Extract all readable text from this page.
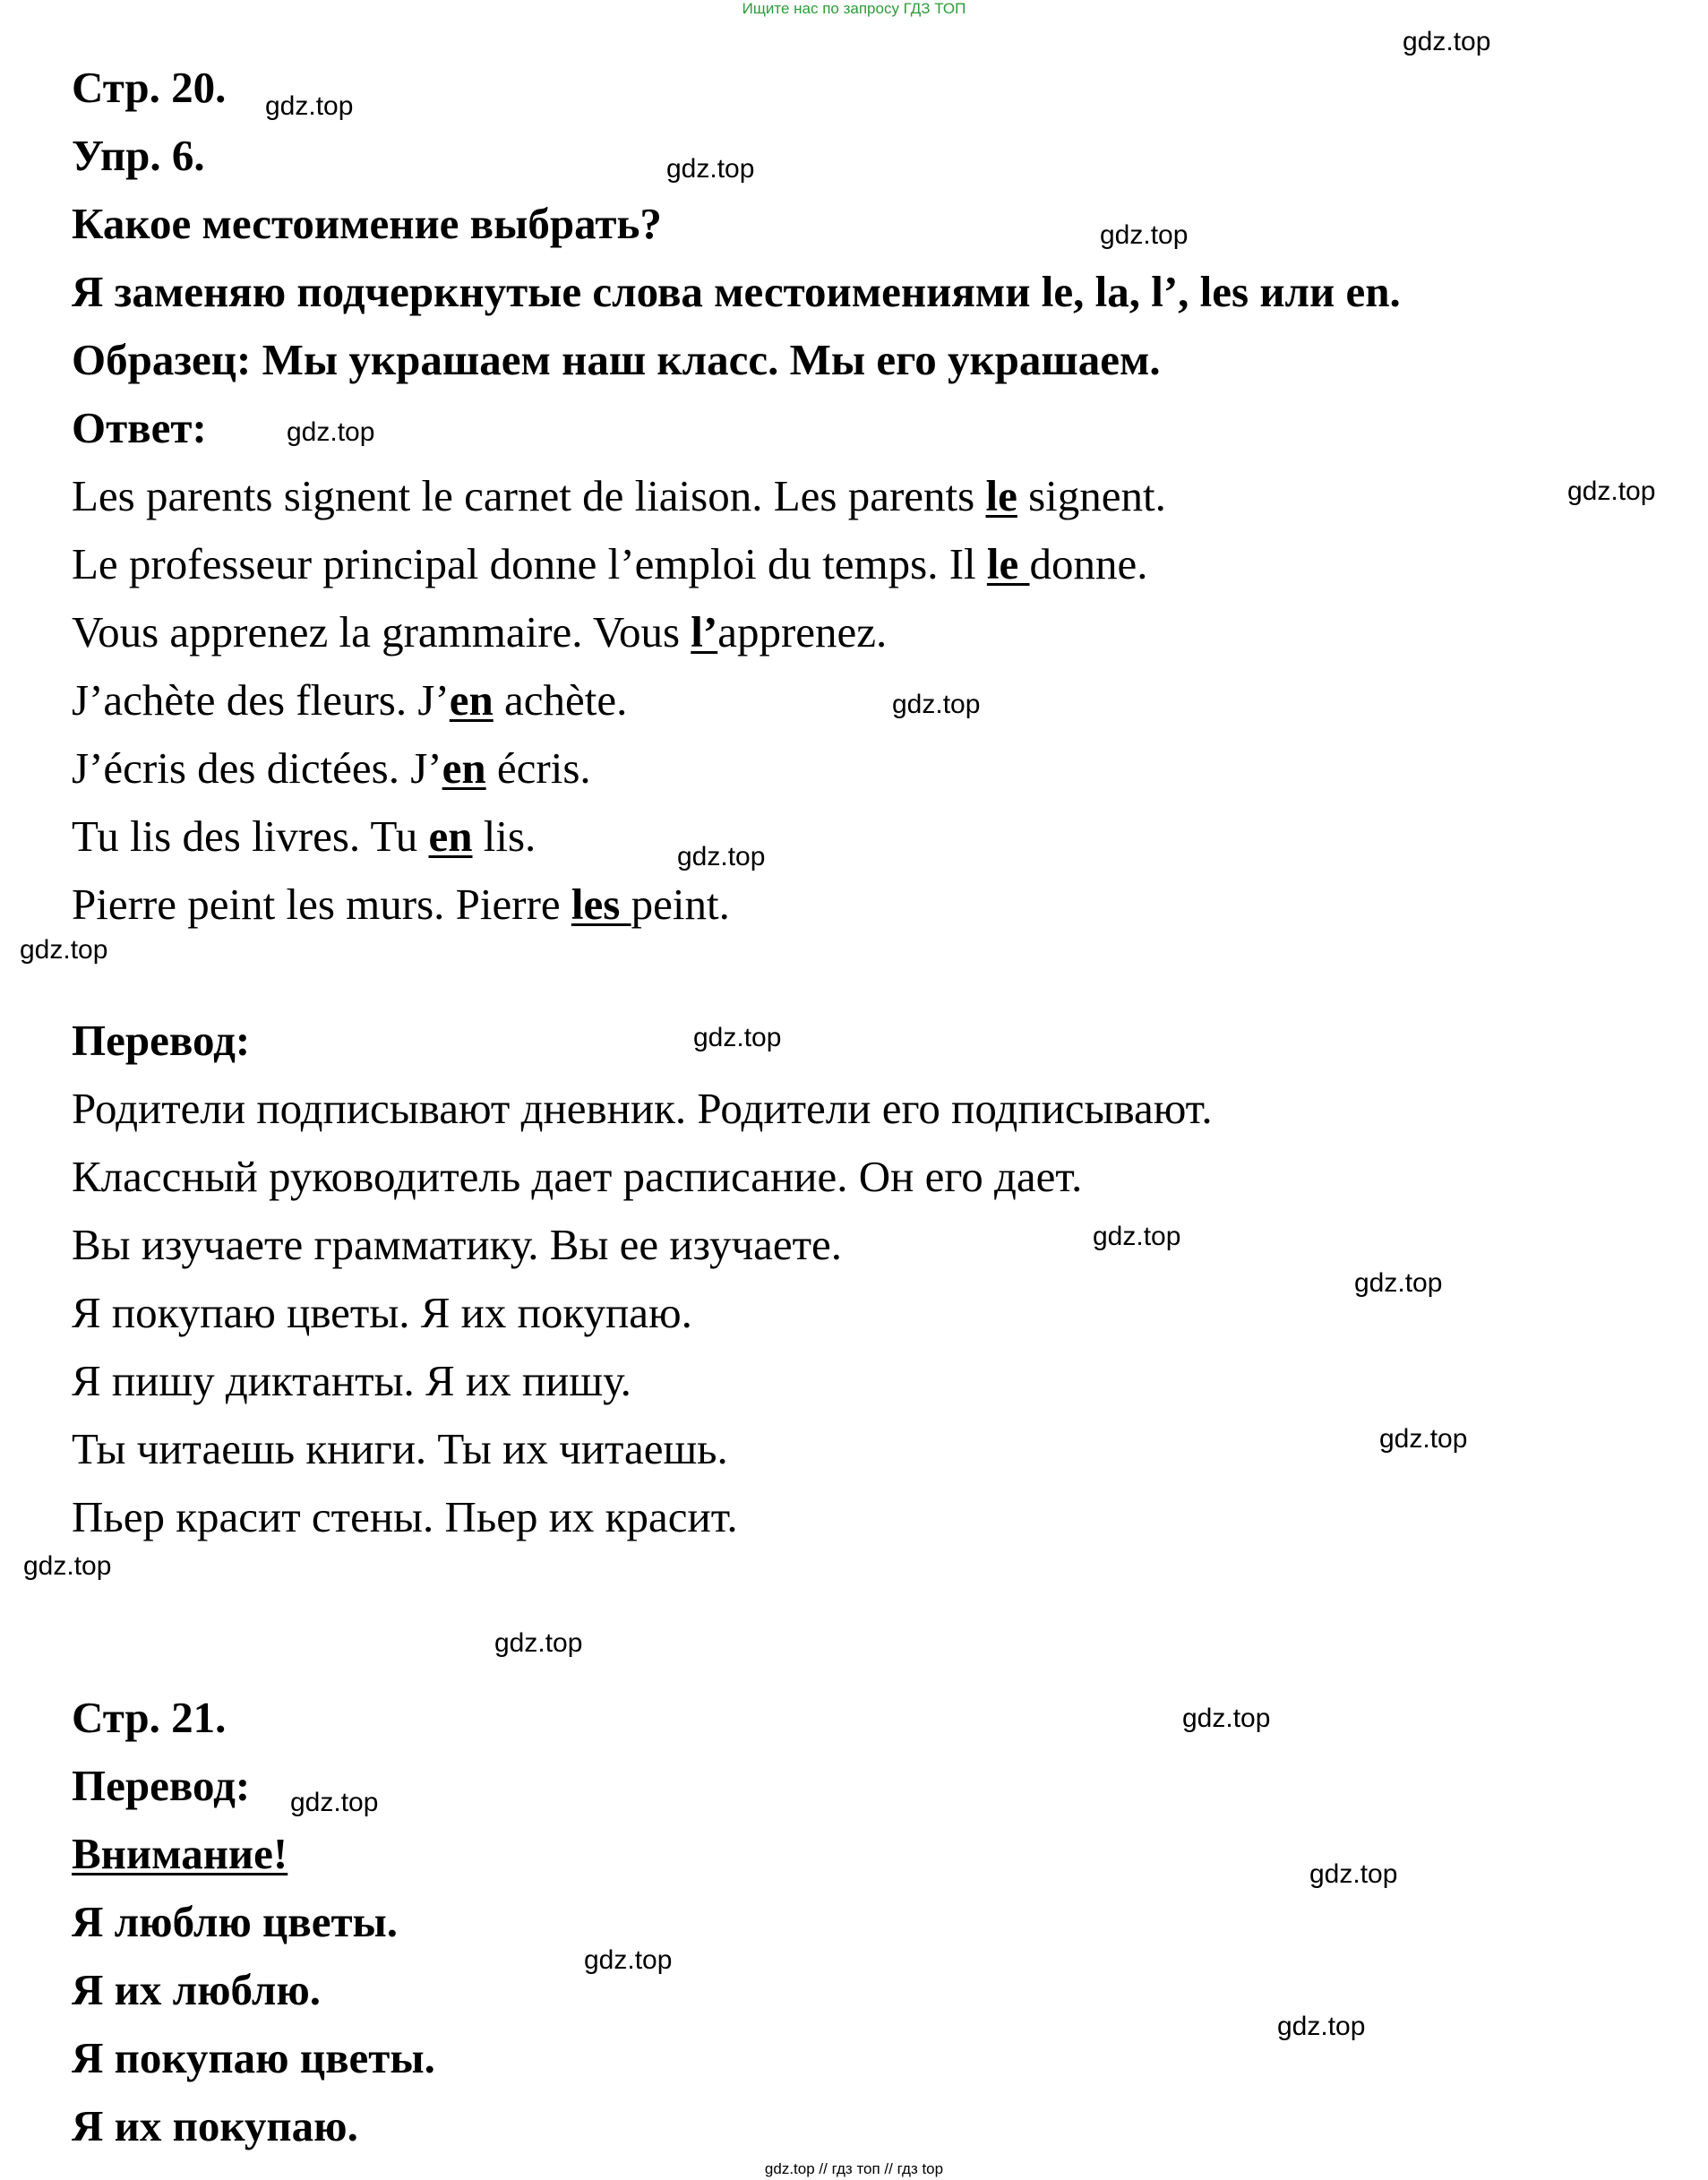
Ищите нас по запросу ГДЗ ТОП
Стр. 20.
Упр. 6.
Какое местоимение выбрать?
Я заменяю подчеркнутые слова местоимениями le, la, l’, les или en.
Образец: Мы украшаем наш класс. Мы его украшаем.
Ответ:
Les parents signent le carnet de liaison. Les parents le signent.
Le professeur principal donne l’emploi du temps. Il le donne.
Vous apprenez la grammaire. Vous l’apprenez.
J’achète des fleurs. J’en achète.
J’écris des dictées. J’en écris.
Tu lis des livres. Tu en lis.
Pierre peint les murs. Pierre les peint.
Перевод:
Родители подписывают дневник. Родители его подписывают.
Классный руководитель дает расписание. Он его дает.
Вы изучаете грамматику. Вы ее изучаете.
Я покупаю цветы. Я их покупаю.
Я пишу диктанты. Я их пишу.
Ты читаешь книги. Ты их читаешь.
Пьер красит стены. Пьер их красит.
Стр. 21.
Перевод:
Внимание!
Я люблю цветы.
Я их люблю.
Я покупаю цветы.
Я их покупаю.
gdz.top
gdz.top
gdz.top
gdz.top
gdz.top
gdz.top
gdz.top
gdz.top
gdz.top
gdz.top
gdz.top
gdz.top
gdz.top
gdz.top
gdz.top
gdz.top
gdz.top
gdz.top
gdz.top
gdz.top
gdz.top // гдз топ // гдз top
